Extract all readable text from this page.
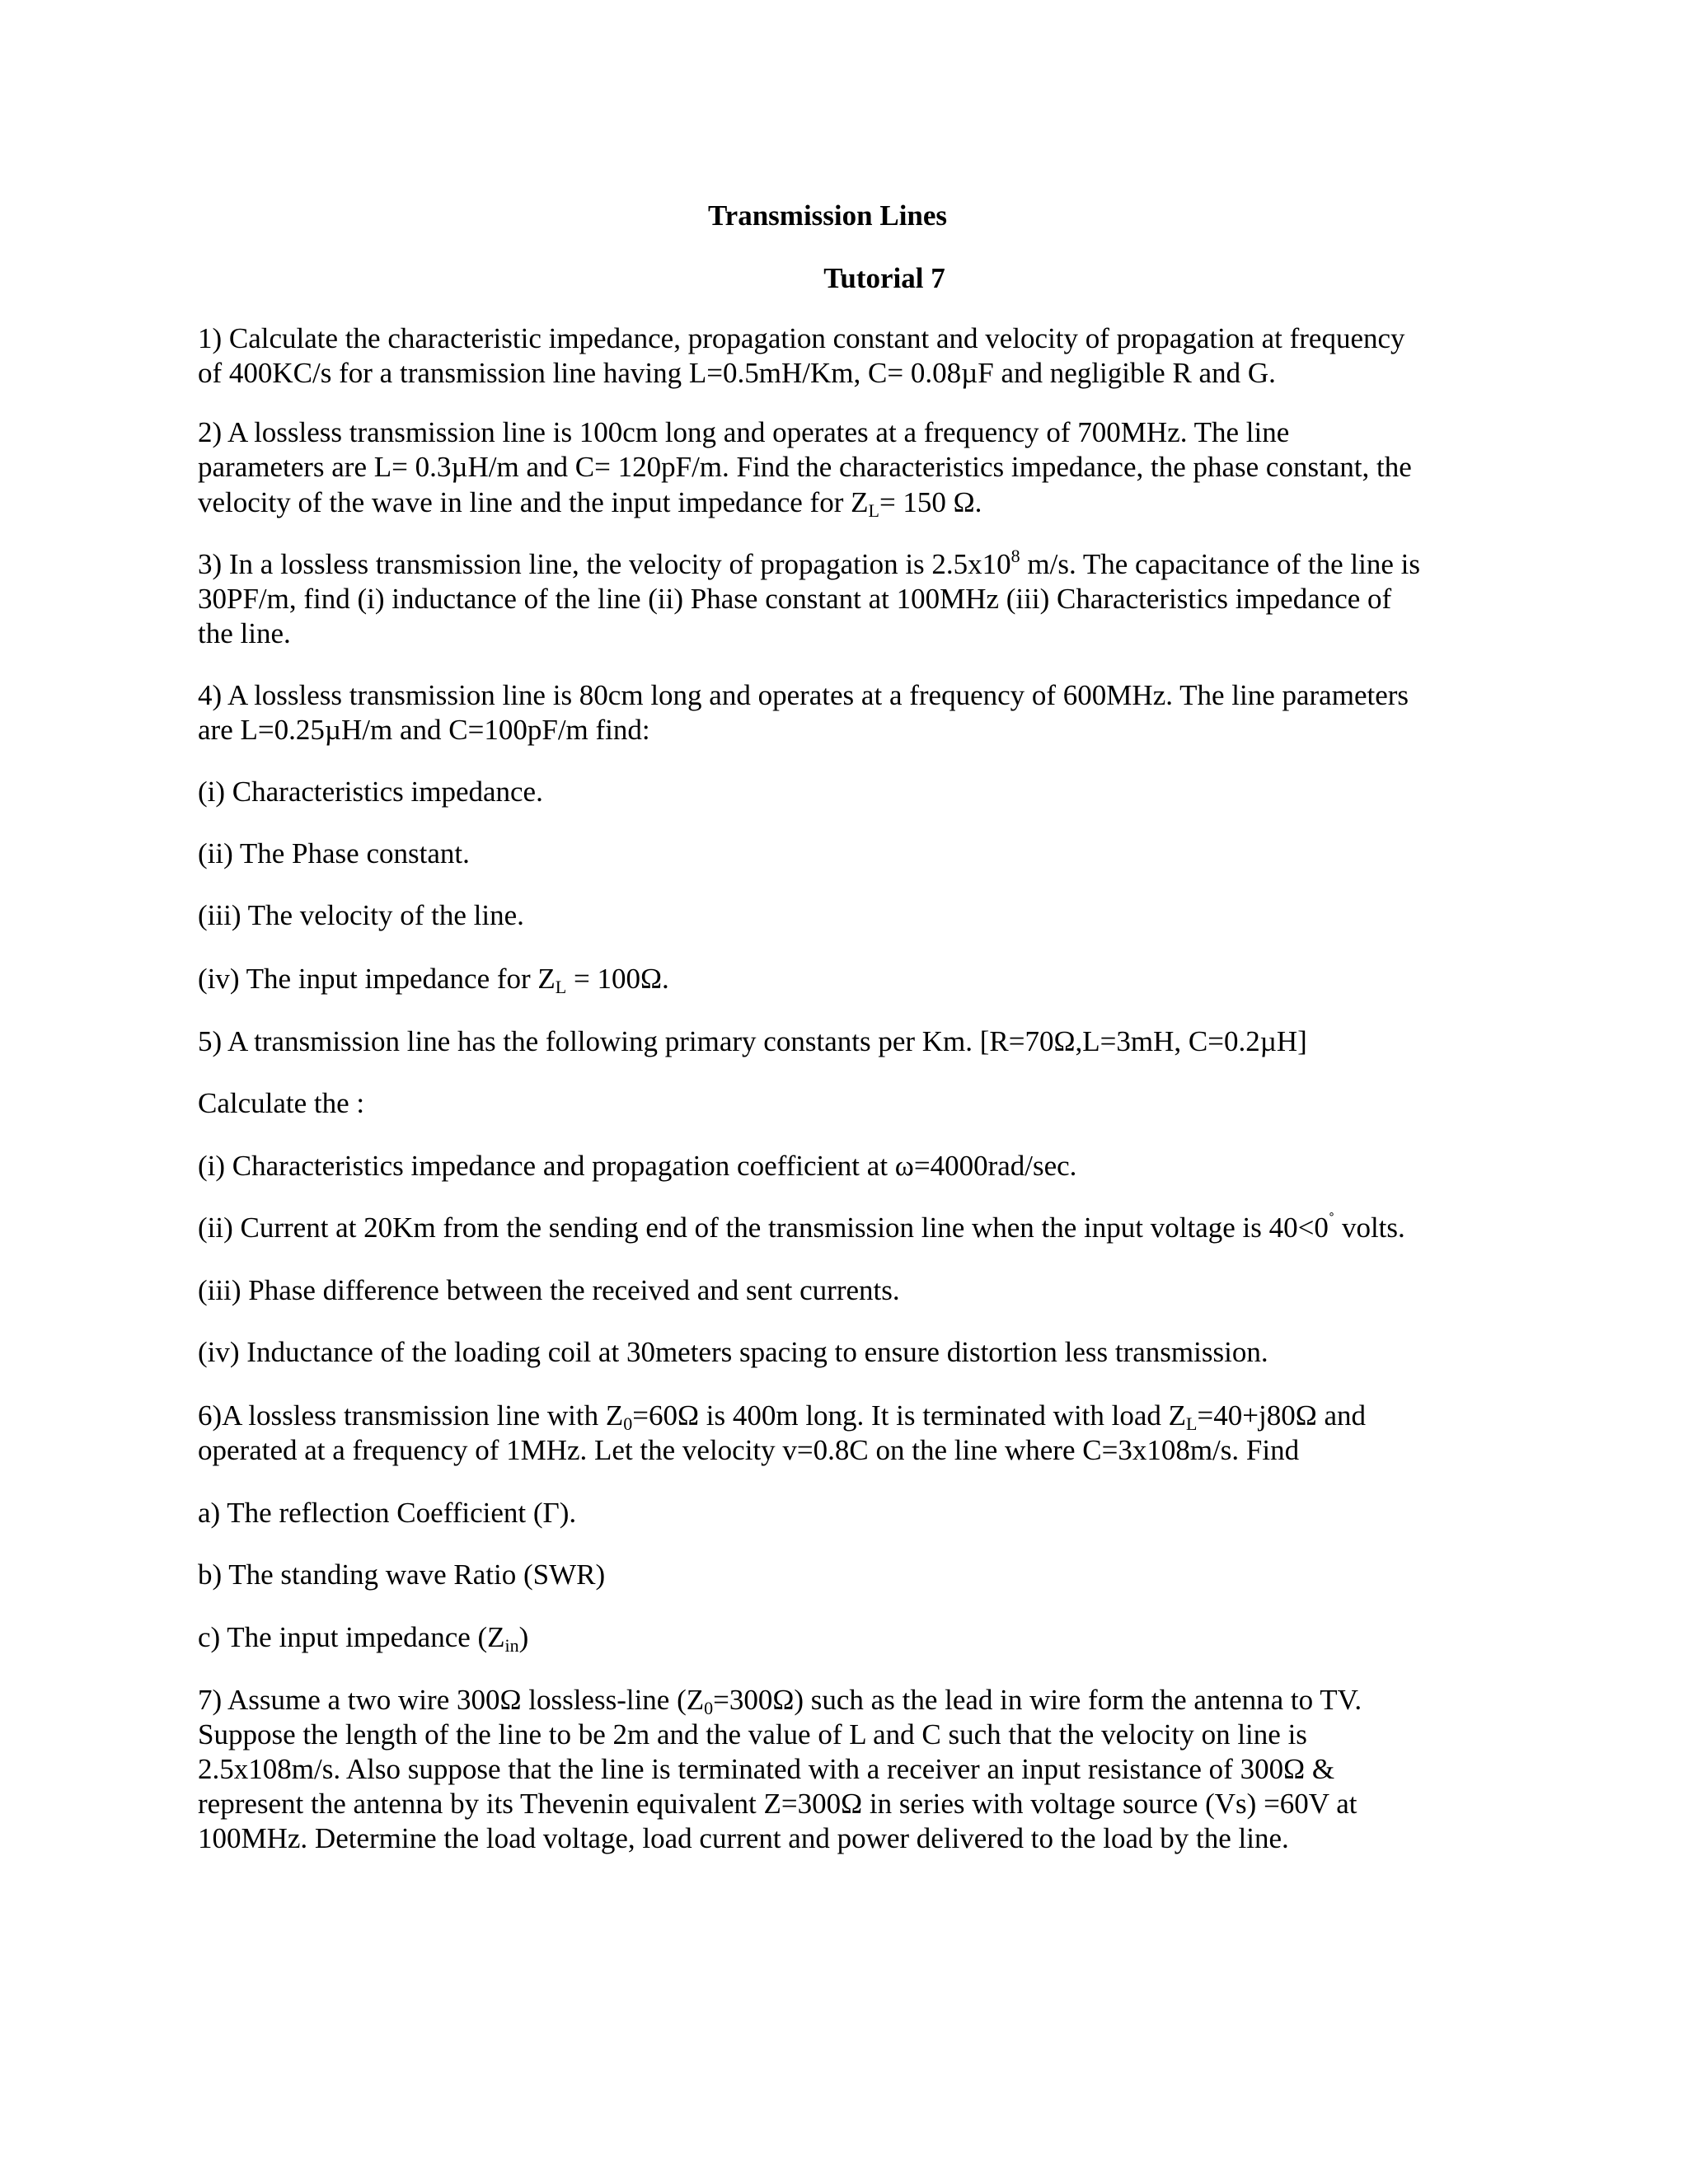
Transmission Lines
Tutorial 7

1) Calculate the characteristic impedance, propagation constant and velocity of propagation at frequency

of 400KC/s for a transmission line having L=0.5mH/Km, C= 0.08µF and negligible R and G.

2) A lossless transmission line is 100cm long and operates at a frequency of 700MHz. The line

parameters are L= 0.3µH/m and C= 120pF/m. Find the characteristics impedance, the phase constant, the

velocity of the wave in line and the input impedance for $Z_L= 150$ Ω.

3) In a lossless transmission line, the velocity of propagation is $2.5x10^8$ m/s. The capacitance of the line is

30PF/m, find (i) inductance of the line (ii) Phase constant at 100MHz (iii) Characteristics impedance of

the line.

4) A lossless transmission line is 80cm long and operates at a frequency of 600MHz. The line parameters

are L=0.25µH/m and C=100pF/m find:

(i) Characteristics impedance.

(ii) The Phase constant.

(iii) The velocity of the line.

(iv) The input impedance for $Z_L = 100\Omega$.

5) A transmission line has the following primary constants per Km. [R=70Ω,L=3mH, C=0.2µH]

Calculate the :

(i) Characteristics impedance and propagation coefficient at ω=4000rad/sec.

(ii) Current at 20Km from the sending end of the transmission line when the input voltage is 40<0˚ volts.

(iii) Phase difference between the received and sent currents.

(iv) Inductance of the loading coil at 30meters spacing to ensure distortion less transmission.

6)A lossless transmission line with $Z_0=60\Omega$ is 400m long. It is terminated with load $Z_L=40+j80\Omega$ and

operated at a frequency of 1MHz. Let the velocity v=0.8C on the line where C=3x108m/s. Find

a) The reflection Coefficient (Γ).

b) The standing wave Ratio (SWR)

c) The input impedance $(Z_{in})$

7) Assume a two wire 300Ω lossless-line $(Z_0=300\Omega)$ such as the lead in wire form the antenna to TV.

Suppose the length of the line to be 2m and the value of L and C such that the velocity on line is

2.5x108m/s. Also suppose that the line is terminated with a receiver an input resistance of 300Ω &

represent the antenna by its Thevenin equivalent Z=300Ω in series with voltage source (Vs) =60V at

100MHz. Determine the load voltage, load current and power delivered to the load by the line.
